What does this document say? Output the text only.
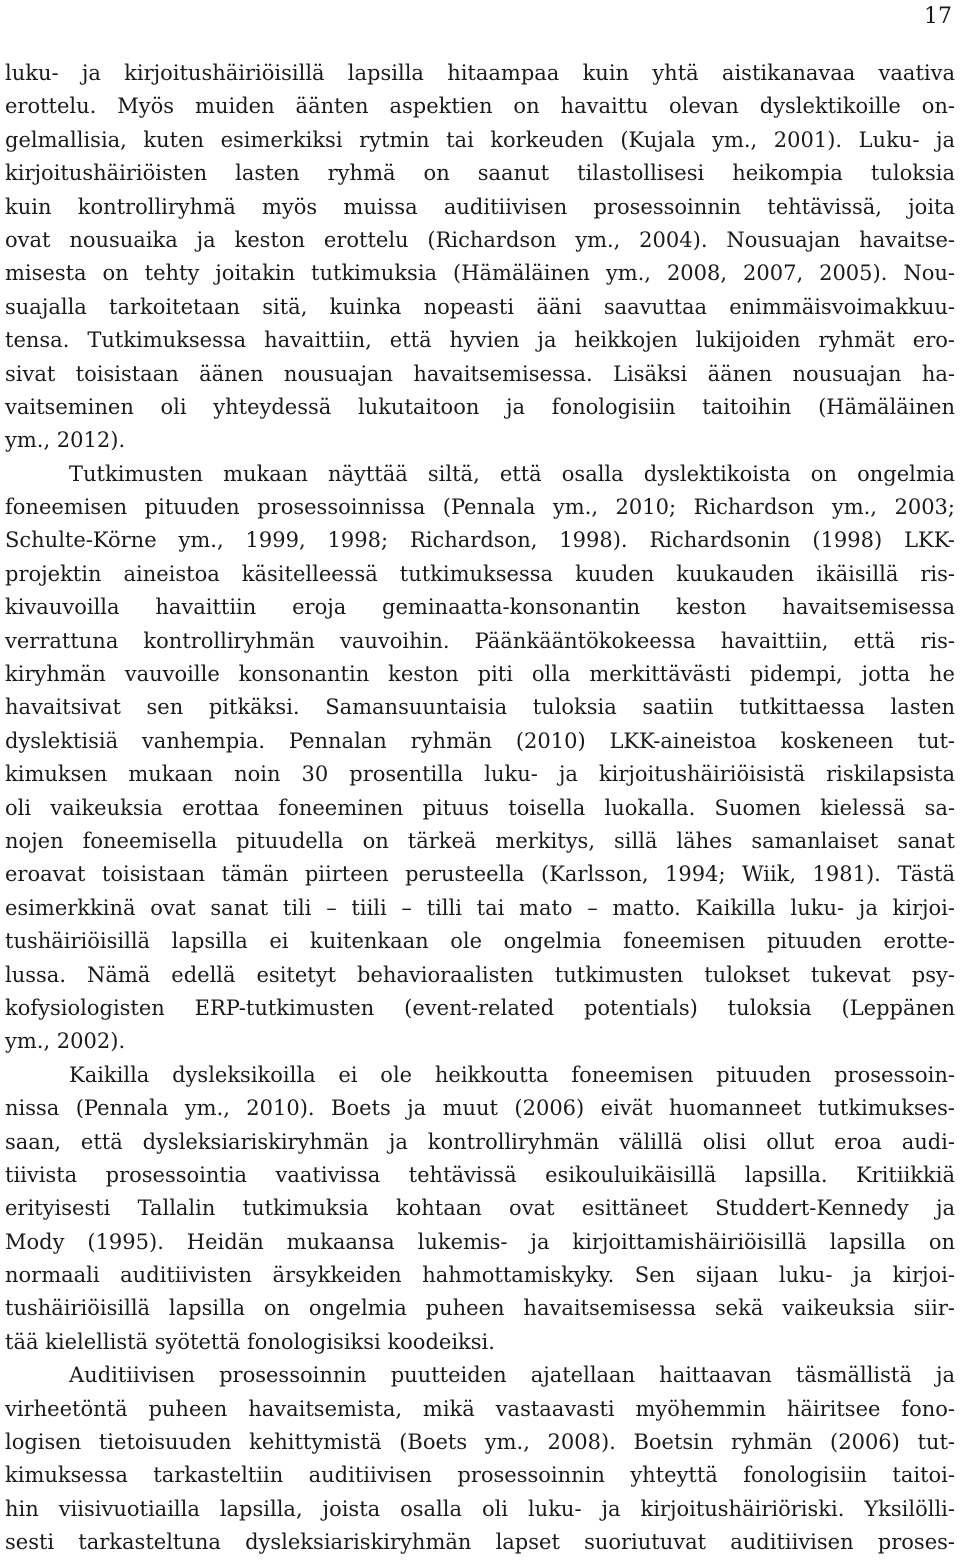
17
luku- ja kirjoitushäiriöisillä lapsilla hitaampaa kuin yhtä aistikanavaa vaativa
erottelu. Myös muiden äänten aspektien on havaittu olevan dyslektikoille on-
gelmallisia, kuten esimerkiksi rytmin tai korkeuden (Kujala ym., 2001). Luku- ja
kirjoitushäiriöisten lasten ryhmä on saanut tilastollisesi heikompia tuloksia
kuin kontrolliryhmä myös muissa auditiivisen prosessoinnin tehtävissä, joita
ovat nousuaika ja keston erottelu (Richardson ym., 2004). Nousuajan havaitse-
misesta on tehty joitakin tutkimuksia (Hämäläinen ym., 2008, 2007, 2005). Nou-
suajalla tarkoitetaan sitä, kuinka nopeasti ääni saavuttaa enimmäisvoimakkuu-
tensa. Tutkimuksessa havaittiin, että hyvien ja heikkojen lukijoiden ryhmät ero-
sivat toisistaan äänen nousuajan havaitsemisessa. Lisäksi äänen nousuajan ha-
vaitseminen oli yhteydessä lukutaitoon ja fonologisiin taitoihin (Hämäläinen
ym., 2012).
Tutkimusten mukaan näyttää siltä, että osalla dyslektikoista on ongelmia
foneemisen pituuden prosessoinnissa (Pennala ym., 2010; Richardson ym., 2003;
Schulte-Körne ym., 1999, 1998; Richardson, 1998). Richardsonin (1998) LKK-
projektin aineistoa käsitelleessä tutkimuksessa kuuden kuukauden ikäisillä ris-
kivauvoilla havaittiin eroja geminaatta-konsonantin keston havaitsemisessa
verrattuna kontrolliryhmän vauvoihin. Päänkääntökokeessa havaittiin, että ris-
kiryhmän vauvoille konsonantin keston piti olla merkittävästi pidempi, jotta he
havaitsivat sen pitkäksi. Samansuuntaisia tuloksia saatiin tutkittaessa lasten
dyslektisiä vanhempia. Pennalan ryhmän (2010) LKK-aineistoa koskeneen tut-
kimuksen mukaan noin 30 prosentilla luku- ja kirjoitushäiriöisistä riskilapsista
oli vaikeuksia erottaa foneeminen pituus toisella luokalla. Suomen kielessä sa-
nojen foneemisella pituudella on tärkeä merkitys, sillä lähes samanlaiset sanat
eroavat toisistaan tämän piirteen perusteella (Karlsson, 1994; Wiik, 1981). Tästä
esimerkkinä ovat sanat tili – tiili – tilli tai mato – matto. Kaikilla luku- ja kirjoi-
tushäiriöisillä lapsilla ei kuitenkaan ole ongelmia foneemisen pituuden erotte-
lussa. Nämä edellä esitetyt behavioraalisten tutkimusten tulokset tukevat psy-
kofysiologisten ERP-tutkimusten (event-related potentials) tuloksia (Leppänen
ym., 2002).
Kaikilla dysleksikoilla ei ole heikkoutta foneemisen pituuden prosessoin-
nissa (Pennala ym., 2010). Boets ja muut (2006) eivät huomanneet tutkimukses-
saan, että dysleksiariskiryhmän ja kontrolliryhmän välillä olisi ollut eroa audi-
tiivista prosessointia vaativissa tehtävissä esikouluikäisillä lapsilla. Kritiikkiä
erityisesti Tallalin tutkimuksia kohtaan ovat esittäneet Studdert-Kennedy ja
Mody (1995). Heidän mukaansa lukemis- ja kirjoittamishäiriöisillä lapsilla on
normaali auditiivisten ärsykkeiden hahmottamiskyky. Sen sijaan luku- ja kirjoi-
tushäiriöisillä lapsilla on ongelmia puheen havaitsemisessa sekä vaikeuksia siir-
tää kielellistä syötettä fonologisiksi koodeiksi.
Auditiivisen prosessoinnin puutteiden ajatellaan haittaavan täsmällistä ja
virheetöntä puheen havaitsemista, mikä vastaavasti myöhemmin häiritsee fono-
logisen tietoisuuden kehittymistä (Boets ym., 2008). Boetsin ryhmän (2006) tut-
kimuksessa tarkasteltiin auditiivisen prosessoinnin yhteyttä fonologisiin taitoi-
hin viisivuotiailla lapsilla, joista osalla oli luku- ja kirjoitushäiriöriski. Yksilölli-
sesti tarkasteltuna dysleksiariskiryhmän lapset suoriutuvat auditiivisen proses-
